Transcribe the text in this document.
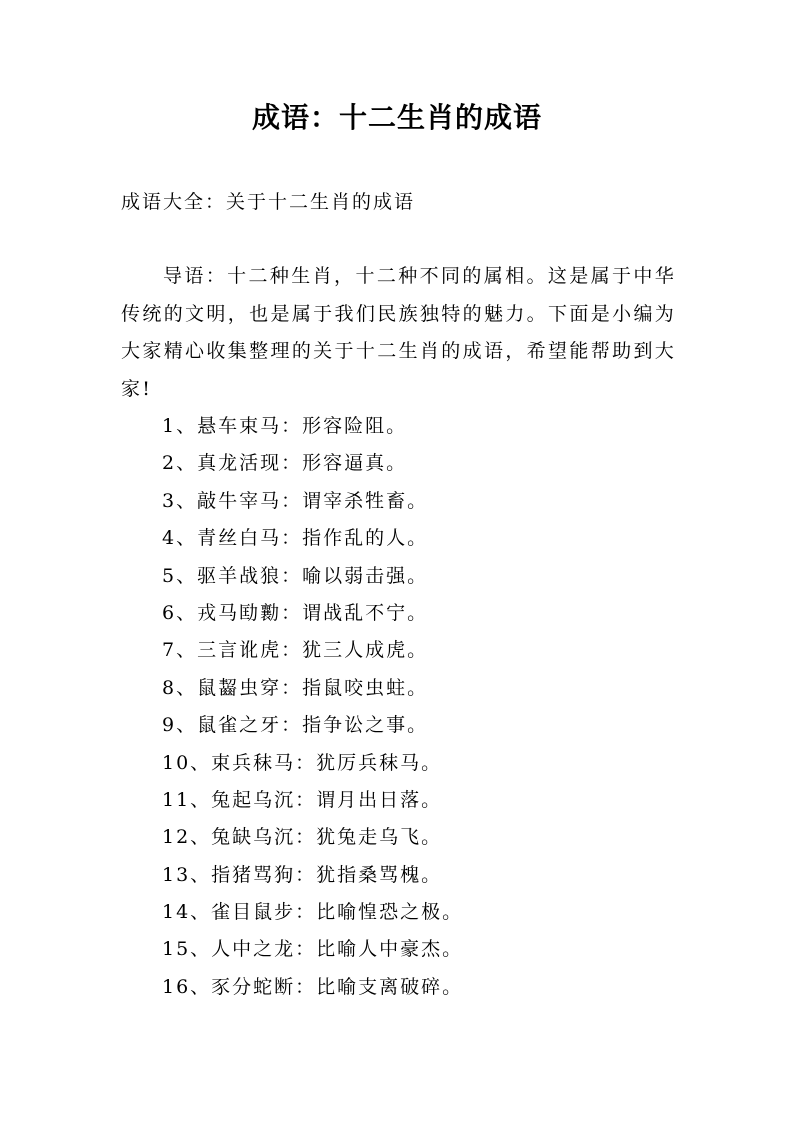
成语：十二生肖的成语
成语大全：关于十二生肖的成语

导语：十二种生肖，十二种不同的属相。这是属于中华传统的文明，也是属于我们民族独特的魅力。下面是小编为大家精心收集整理的关于十二生肖的成语，希望能帮助到大家!

1、悬车束马：形容险阻。
2、真龙活现：形容逼真。
3、敲牛宰马：谓宰杀牲畜。
4、青丝白马：指作乱的人。
5、驱羊战狼：喻以弱击强。
6、戎马劻勷：谓战乱不宁。
7、三言讹虎：犹三人成虎。
8、鼠齧虫穿：指鼠咬虫蛀。
9、鼠雀之牙：指争讼之事。
10、束兵秣马：犹厉兵秣马。
11、兔起乌沉：谓月出日落。
12、兔缺乌沉：犹兔走乌飞。
13、指猪骂狗：犹指桑骂槐。
14、雀目鼠步：比喻惶恐之极。
15、人中之龙：比喻人中豪杰。
16、豕分蛇断：比喻支离破碎。
